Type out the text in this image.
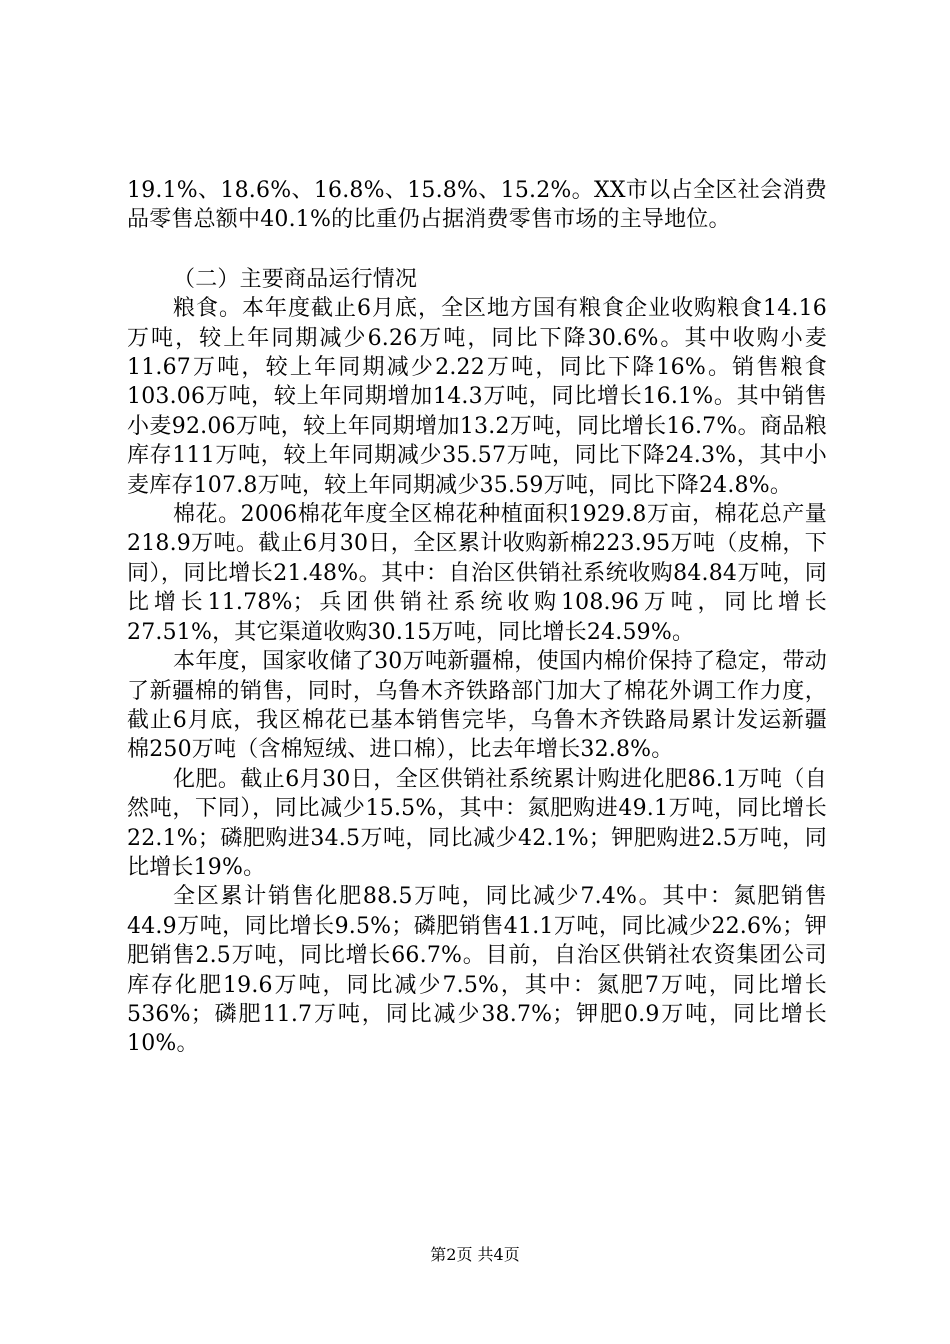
19.1%、18.6%、16.8%、15.8%、15.2%。XX市以占全区社会消费品零售总额中40.1%的比重仍占据消费零售市场的主导地位。

（二）主要商品运行情况

粮食。本年度截止6月底，全区地方国有粮食企业收购粮食14.16万吨，较上年同期减少6.26万吨，同比下降30.6%。其中收购小麦11.67万吨，较上年同期减少2.22万吨，同比下降16%。销售粮食103.06万吨，较上年同期增加14.3万吨，同比增长16.1%。其中销售小麦92.06万吨，较上年同期增加13.2万吨，同比增长16.7%。商品粮库存111万吨，较上年同期减少35.57万吨，同比下降24.3%，其中小麦库存107.8万吨，较上年同期减少35.59万吨，同比下降24.8%。

棉花。2006棉花年度全区棉花种植面积1929.8万亩，棉花总产量218.9万吨。截止6月30日，全区累计收购新棉223.95万吨（皮棉，下同），同比增长21.48%。其中：自治区供销社系统收购84.84万吨，同比增长11.78%；兵团供销社系统收购108.96万吨，同比增长27.51%，其它渠道收购30.15万吨，同比增长24.59%。

本年度，国家收储了30万吨新疆棉，使国内棉价保持了稳定，带动了新疆棉的销售，同时，乌鲁木齐铁路部门加大了棉花外调工作力度，截止6月底，我区棉花已基本销售完毕，乌鲁木齐铁路局累计发运新疆棉250万吨（含棉短绒、进口棉），比去年增长32.8%。

化肥。截止6月30日，全区供销社系统累计购进化肥86.1万吨（自然吨，下同），同比减少15.5%，其中：氮肥购进49.1万吨，同比增长22.1%；磷肥购进34.5万吨，同比减少42.1%；钾肥购进2.5万吨，同比增长19%。

全区累计销售化肥88.5万吨，同比减少7.4%。其中：氮肥销售44.9万吨，同比增长9.5%；磷肥销售41.1万吨，同比减少22.6%；钾肥销售2.5万吨，同比增长66.7%。目前，自治区供销社农资集团公司库存化肥19.6万吨，同比减少7.5%，其中：氮肥7万吨，同比增长536%；磷肥11.7万吨，同比减少38.7%；钾肥0.9万吨，同比增长10%。

第2页 共4页
